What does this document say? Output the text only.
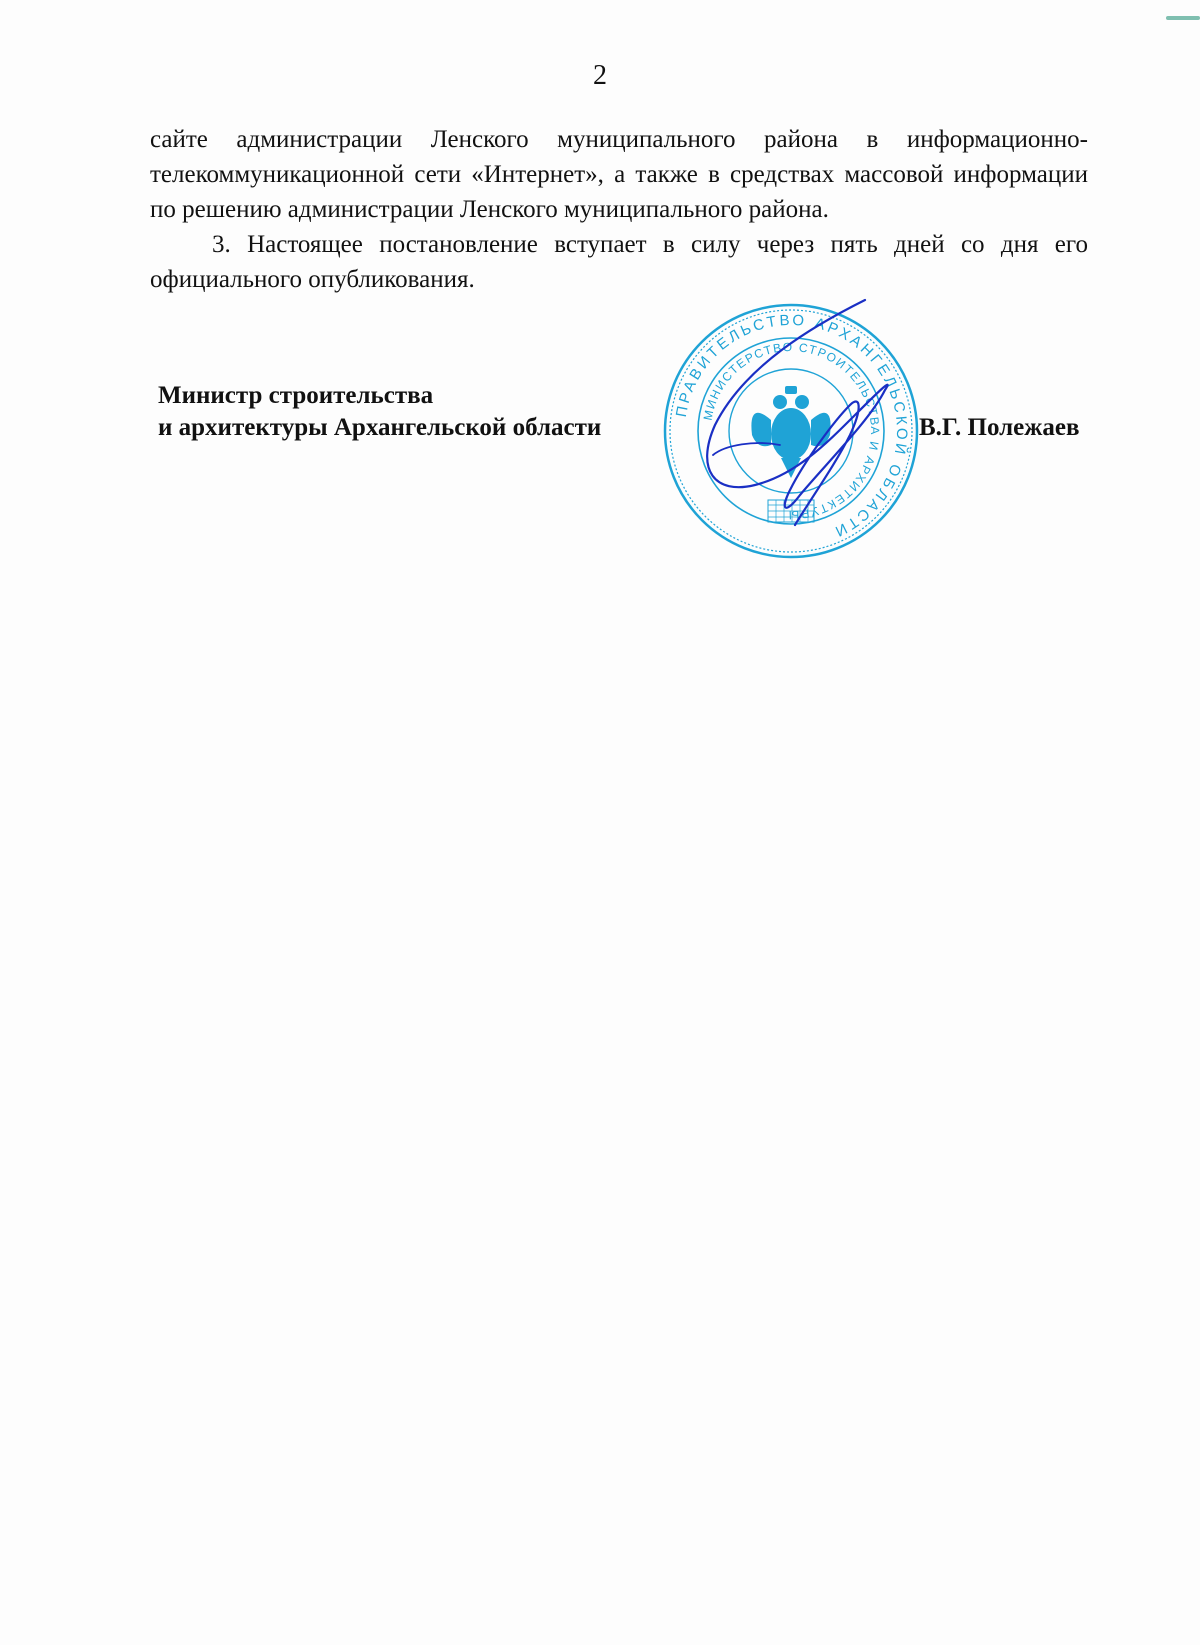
2

сайте администрации Ленского муниципального района в информационно-телекоммуникационной сети «Интернет», а также в средствах массовой информации по решению администрации Ленского муниципального района.

3. Настоящее постановление вступает в силу через пять дней со дня его официального опубликования.

Министр строительства
и архитектуры Архангельской области	В.Г. Полежаев
ПРАВИТЕЛЬСТВО АРХАНГЕЛЬСКОЙ ОБЛАСТИ
МИНИСТЕРСТВО СТРОИТЕЛЬСТВА И АРХИТЕКТУРЫ
